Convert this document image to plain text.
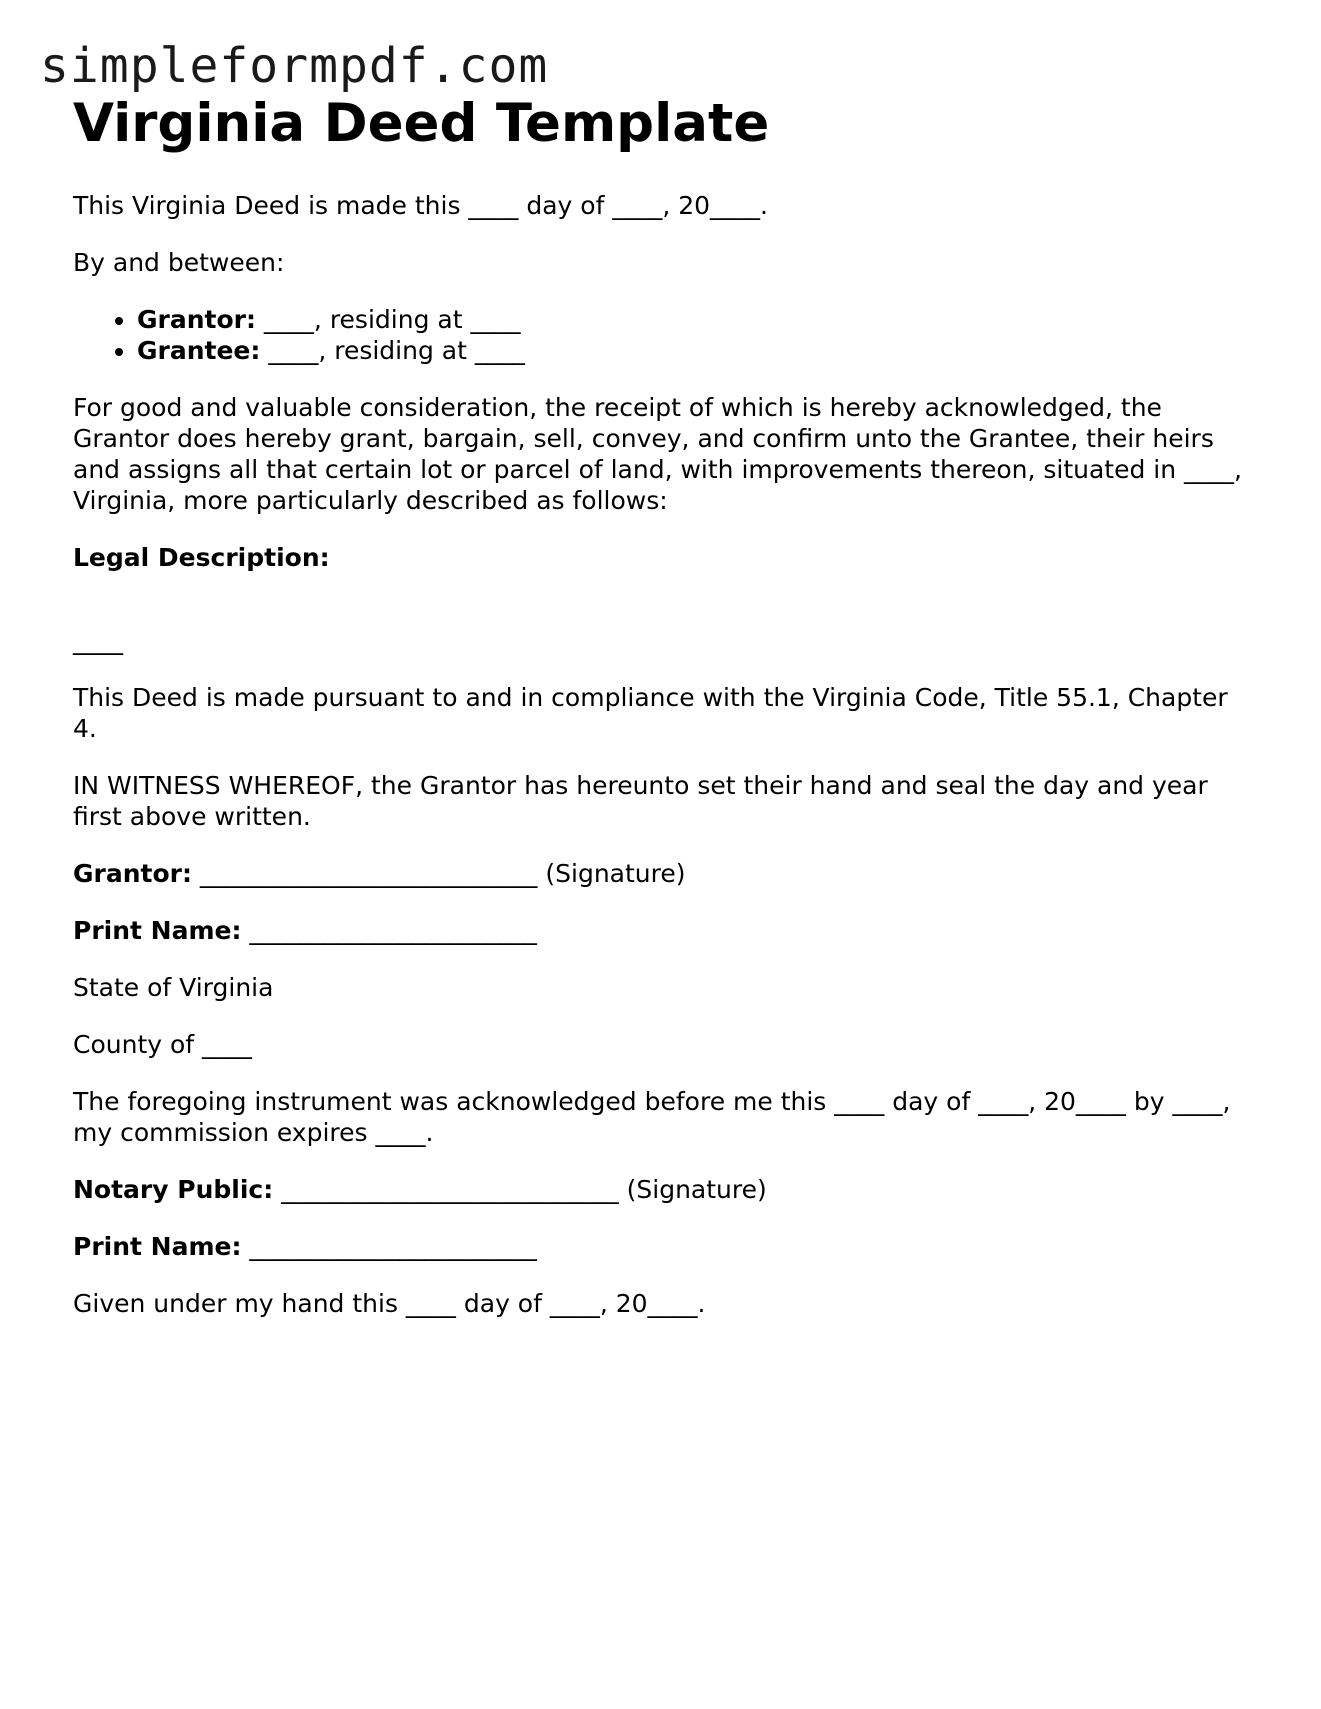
simpleformpdf.com
Virginia Deed Template

This Virginia Deed is made this ____ day of ____, 20____.

By and between:

• Grantor: ____, residing at ____
• Grantee: ____, residing at ____

For good and valuable consideration, the receipt of which is hereby acknowledged, the Grantor does hereby grant, bargain, sell, convey, and confirm unto the Grantee, their heirs and assigns all that certain lot or parcel of land, with improvements thereon, situated in ____, Virginia, more particularly described as follows:

Legal Description:

____

This Deed is made pursuant to and in compliance with the Virginia Code, Title 55.1, Chapter 4.

IN WITNESS WHEREOF, the Grantor has hereunto set their hand and seal the day and year first above written.

Grantor: ___________________________ (Signature)

Print Name: _______________________

State of Virginia

County of ____

The foregoing instrument was acknowledged before me this ____ day of ____, 20____ by ____, my commission expires ____.

Notary Public: ___________________________ (Signature)

Print Name: _______________________

Given under my hand this ____ day of ____, 20____.
